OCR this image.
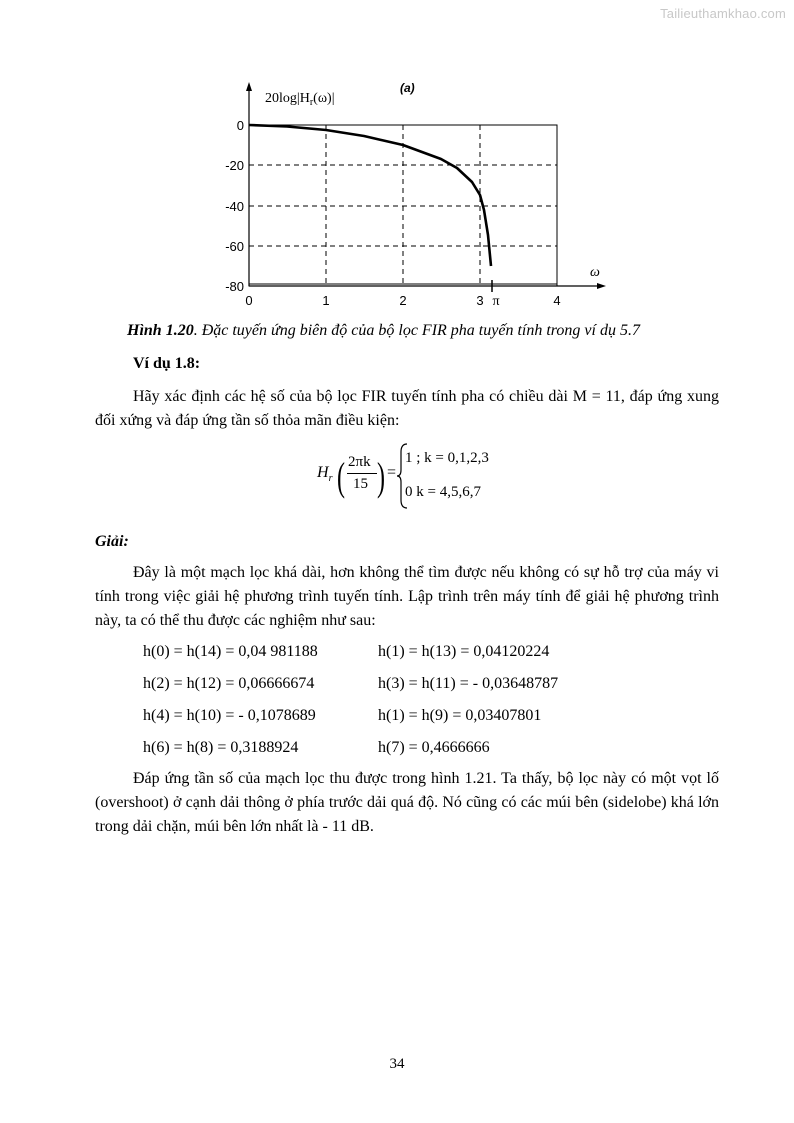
Tailieuthamkhao.com
0
-20
-40
-60
-80
0	1	2	3	4
π
ω
$20\log|H_r(\omega)|$
(a)
Hình 1.20. Đặc tuyến ứng biên độ của bộ lọc FIR pha tuyến tính trong ví dụ 5.7
Ví dụ 1.8:
Hãy xác định các hệ số của bộ lọc FIR tuyến tính pha có chiều dài M = 11, đáp ứng xung đối xứng và đáp ứng tần số thỏa mãn điều kiện:
$H_r$ ( 2πk
15 ) =
1 ; k = 0,1,2,3
0 k = 4,5,6,7
Giải:
Đây là một mạch lọc khá dài, hơn không thể tìm được nếu không có sự hỗ trợ của máy vi tính trong việc giải hệ phương trình tuyến tính. Lập trình trên máy tính để giải hệ phương trình này, ta có thể thu được các nghiệm như sau:
h(0) = h(14) = 0,04 981188	h(1) = h(13) = 0,04120224
h(2) = h(12) = 0,06666674	h(3) = h(11) = - 0,03648787
h(4) = h(10) = - 0,1078689	h(1) = h(9) = 0,03407801
h(6) = h(8) = 0,3188924	h(7) = 0,4666666
Đáp ứng tần số của mạch lọc thu được trong hình 1.21. Ta thấy, bộ lọc này có một vọt lố (overshoot) ở cạnh dải thông ở phía trước dải quá độ. Nó cũng có các múi bên (sidelobe) khá lớn trong dải chặn, múi bên lớn nhất là - 11 dB.
34
